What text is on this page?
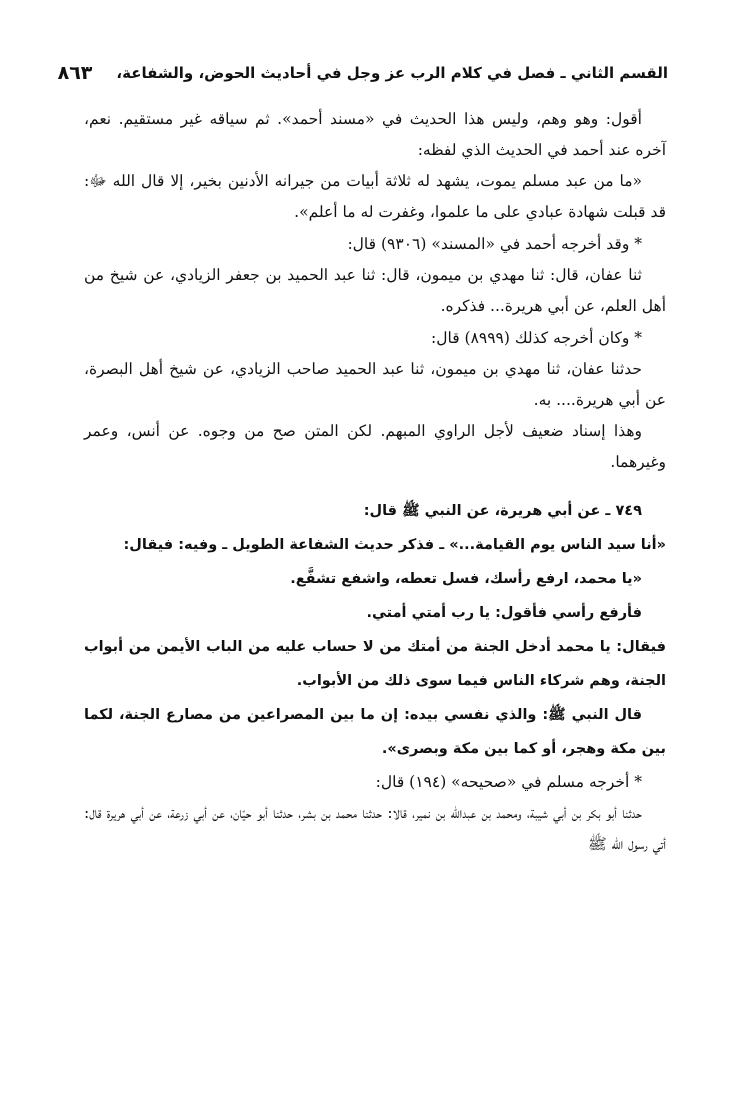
القسم الثاني ـ فصل في كلام الرب عز وجل في أحاديث الحوض، والشفاعة،
٨٦٣

أقول: وهو وهم، وليس هذا الحديث في «مسند أحمد». ثم سياقه غير مستقيم. نعم، آخره عند أحمد في الحديث الذي لفظه:

«ما من عبد مسلم يموت، يشهد له ثلاثة أبيات من جيرانه الأدنين بخير، إلا قال الله ﷻ: قد قبلت شهادة عبادي على ما علموا، وغفرت له ما أعلم».

* وقد أخرجه أحمد في «المسند» (٩٣٠٦) قال:

ثنا عفان، قال: ثنا مهدي بن ميمون، قال: ثنا عبد الحميد بن جعفر الزيادي، عن شيخ من أهل العلم، عن أبي هريرة... فذكره.

* وكان أخرجه كذلك (٨٩٩٩) قال:

حدثنا عفان، ثنا مهدي بن ميمون، ثنا عبد الحميد صاحب الزيادي، عن شيخ أهل البصرة، عن أبي هريرة.... به.

وهذا إسناد ضعيف لأجل الراوي المبهم. لكن المتن صح من وجوه. عن أنس، وعمر وغيرهما.

٧٤٩ ـ عن أبي هريرة، عن النبي ﷺ قال:

«أنا سيد الناس يوم القيامة...» ـ فذكر حديث الشفاعة الطويل ـ وفيه: فيقال:

«يا محمد، ارفع رأسك، فسل تعطه، واشفع تشفَّع.

فأرفع رأسي فأقول: يا رب أمتي أمتي.

فيقال: يا محمد أدخل الجنة من أمتك من لا حساب عليه من الباب الأيمن من أبواب الجنة، وهم شركاء الناس فيما سوى ذلك من الأبواب.

قال النبي ﷺ: والذي نفسي بيده: إن ما بين المصراعين من مصارع الجنة، لكما بين مكة وهجر، أو كما بين مكة وبصرى».

* أخرجه مسلم في «صحيحه» (١٩٤) قال:

حدثنا أبو بكر بن أبي شيبة، ومحمد بن عبدالله بن نمير، قالا: حدثنا محمد بن بشر، حدثنا أبو حيّان، عن أبي زرعة، عن أبي هريرة قال: أتي رسول الله ﷺ
